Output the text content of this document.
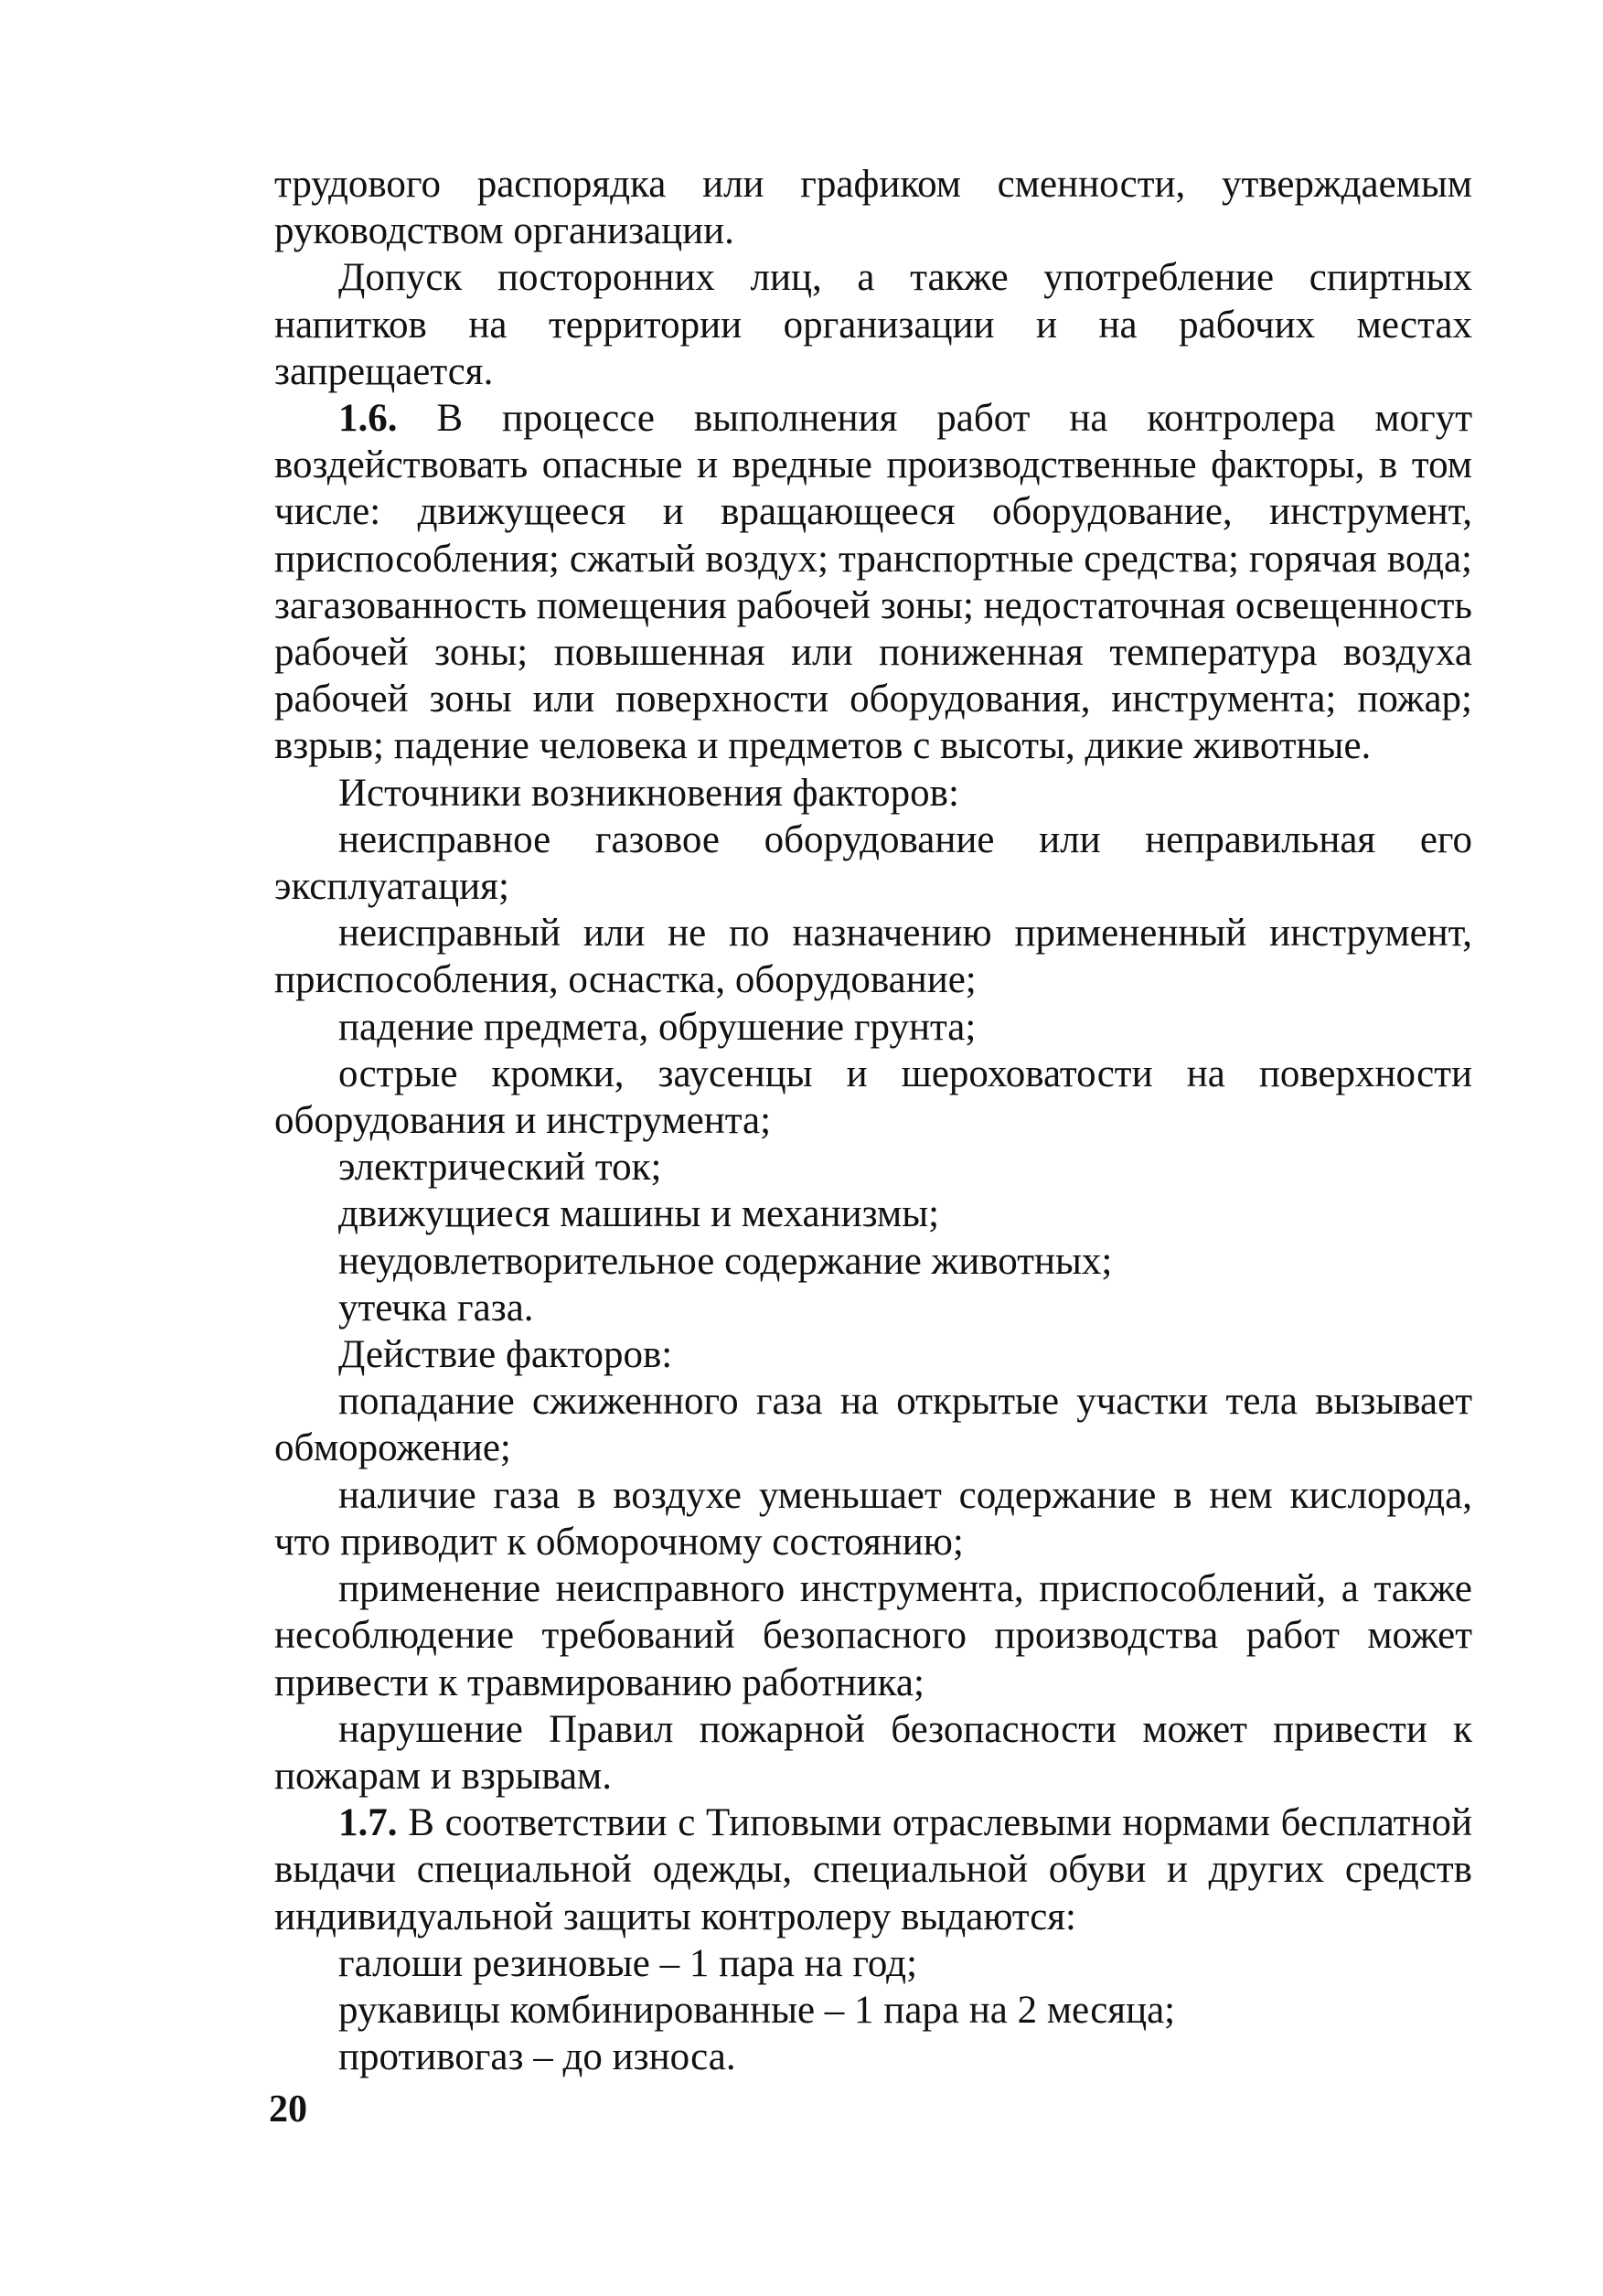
трудового распорядка или графиком сменности, утверждаемым руководством организации.

Допуск посторонних лиц, а также употребление спиртных напитков на территории организации и на рабочих местах запрещается.

1.6. В процессе выполнения работ на контролера могут воздействовать опасные и вредные производственные факторы, в том числе: движущееся и вращающееся оборудование, инструмент, приспособления; сжатый воздух; транспортные средства; горячая вода; загазованность помещения рабочей зоны; недостаточная освещенность рабочей зоны; повышенная или пониженная температура воздуха рабочей зоны или поверхности оборудования, инструмента; пожар; взрыв; падение человека и предметов с высоты, дикие животные.

Источники возникновения факторов:

неисправное газовое оборудование или неправильная его эксплуатация;

неисправный или не по назначению примененный инструмент, приспособления, оснастка, оборудование;

падение предмета, обрушение грунта;

острые кромки, заусенцы и шероховатости на поверхности оборудования и инструмента;

электрический ток;

движущиеся машины и механизмы;

неудовлетворительное содержание животных;

утечка газа.

Действие факторов:

попадание сжиженного газа на открытые участки тела вызывает обморожение;

наличие газа в воздухе уменьшает содержание в нем кислорода, что приводит к обморочному состоянию;

применение неисправного инструмента, приспособлений, а также несоблюдение требований безопасного производства работ может привести к травмированию работника;

нарушение Правил пожарной безопасности может привести к пожарам и взрывам.

1.7. В соответствии с Типовыми отраслевыми нормами бесплатной выдачи специальной одежды, специальной обуви и других средств индивидуальной защиты контролеру выдаются:

галоши резиновые – 1 пара на год;

рукавицы комбинированные – 1 пара на 2 месяца;

противогаз – до износа.

20
